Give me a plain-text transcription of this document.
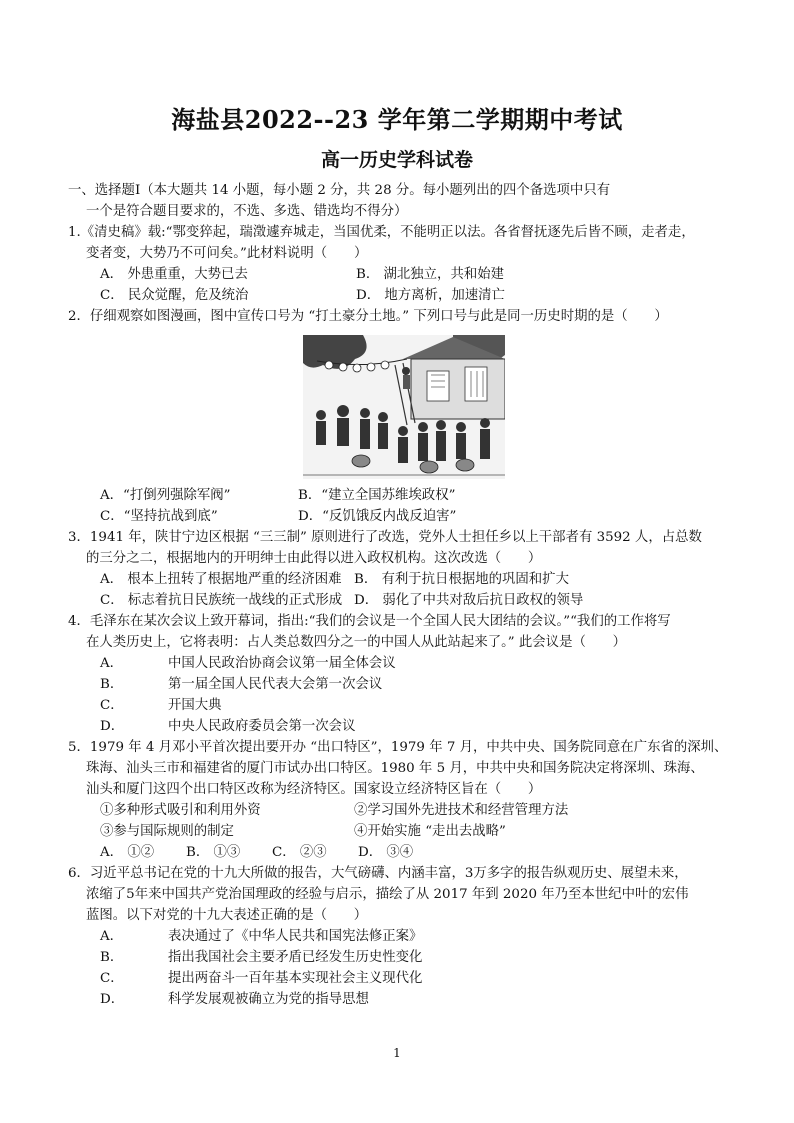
海盐县2022--23 学年第二学期期中考试
高一历史学科试卷
一、选择题Ⅰ（本大题共 14 小题，每小题 2 分，共 28 分。每小题列出的四个备选项中只有
一个是符合题目要求的，不选、多选、错选均不得分）
1.《清史稿》载:“鄂变猝起，瑞澂遽弃城走，当国优柔，不能明正以法。各省督抚逐先后皆不顾，走者走，
变者变，大势乃不可问矣。”此材料说明（　　）
A． 外患重重，大势已去	B． 湖北独立，共和始建
C． 民众觉醒，危及统治	D． 地方离析，加速清亡
2．仔细观察如图漫画，图中宣传口号为 “打土豪分土地。” 下列口号与此是同一历史时期的是（　　）
A．“打倒列强除军阀”	B．“建立全国苏维埃政权”
C．“坚持抗战到底”	D．“反饥饿反内战反迫害”
3．1941 年，陕甘宁边区根据 “三三制” 原则进行了改选，党外人士担任乡以上干部者有 3592 人，占总数
的三分之二，根据地内的开明绅士由此得以进入政权机构。这次改选（　　）
A． 根本上扭转了根据地严重的经济困难 B． 有利于抗日根据地的巩固和扩大
C． 标志着抗日民族统一战线的正式形成 D． 弱化了中共对敌后抗日政权的领导
4．毛泽东在某次会议上致开幕词，指出:“我们的会议是一个全国人民大团结的会议。”“我们的工作将写
在人类历史上，它将表明：占人类总数四分之一的中国人从此站起来了。” 此会议是（　　）
A．	中国人民政治协商会议第一届全体会议
B．	第一届全国人民代表大会第一次会议
C．	开国大典
D．	中央人民政府委员会第一次会议
5．1979 年 4 月邓小平首次提出要开办 “出口特区”，1979 年 7 月，中共中央、国务院同意在广东省的深圳、
珠海、汕头三市和福建省的厦门市试办出口特区。1980 年 5 月，中共中央和国务院决定将深圳、珠海、
汕头和厦门这四个出口特区改称为经济特区。国家设立经济特区旨在（　　）
①多种形式吸引和利用外资	②学习国外先进技术和经营管理方法
③参与国际规则的制定	④开始实施 “走出去战略”
A． ①②	B． ①③	C． ②③	D． ③④
6．习近平总书记在党的十九大所做的报告，大气磅礴、内涵丰富，3万多字的报告纵观历史、展望未来，
浓缩了5年来中国共产党治国理政的经验与启示，描绘了从 2017 年到 2020 年乃至本世纪中叶的宏伟
蓝图。以下对党的十九大表述正确的是（　　）
A．	表决通过了《中华人民共和国宪法修正案》
B．	指出我国社会主要矛盾已经发生历史性变化
C．	提出两奋斗一百年基本实现社会主义现代化
D．	科学发展观被确立为党的指导思想
1
